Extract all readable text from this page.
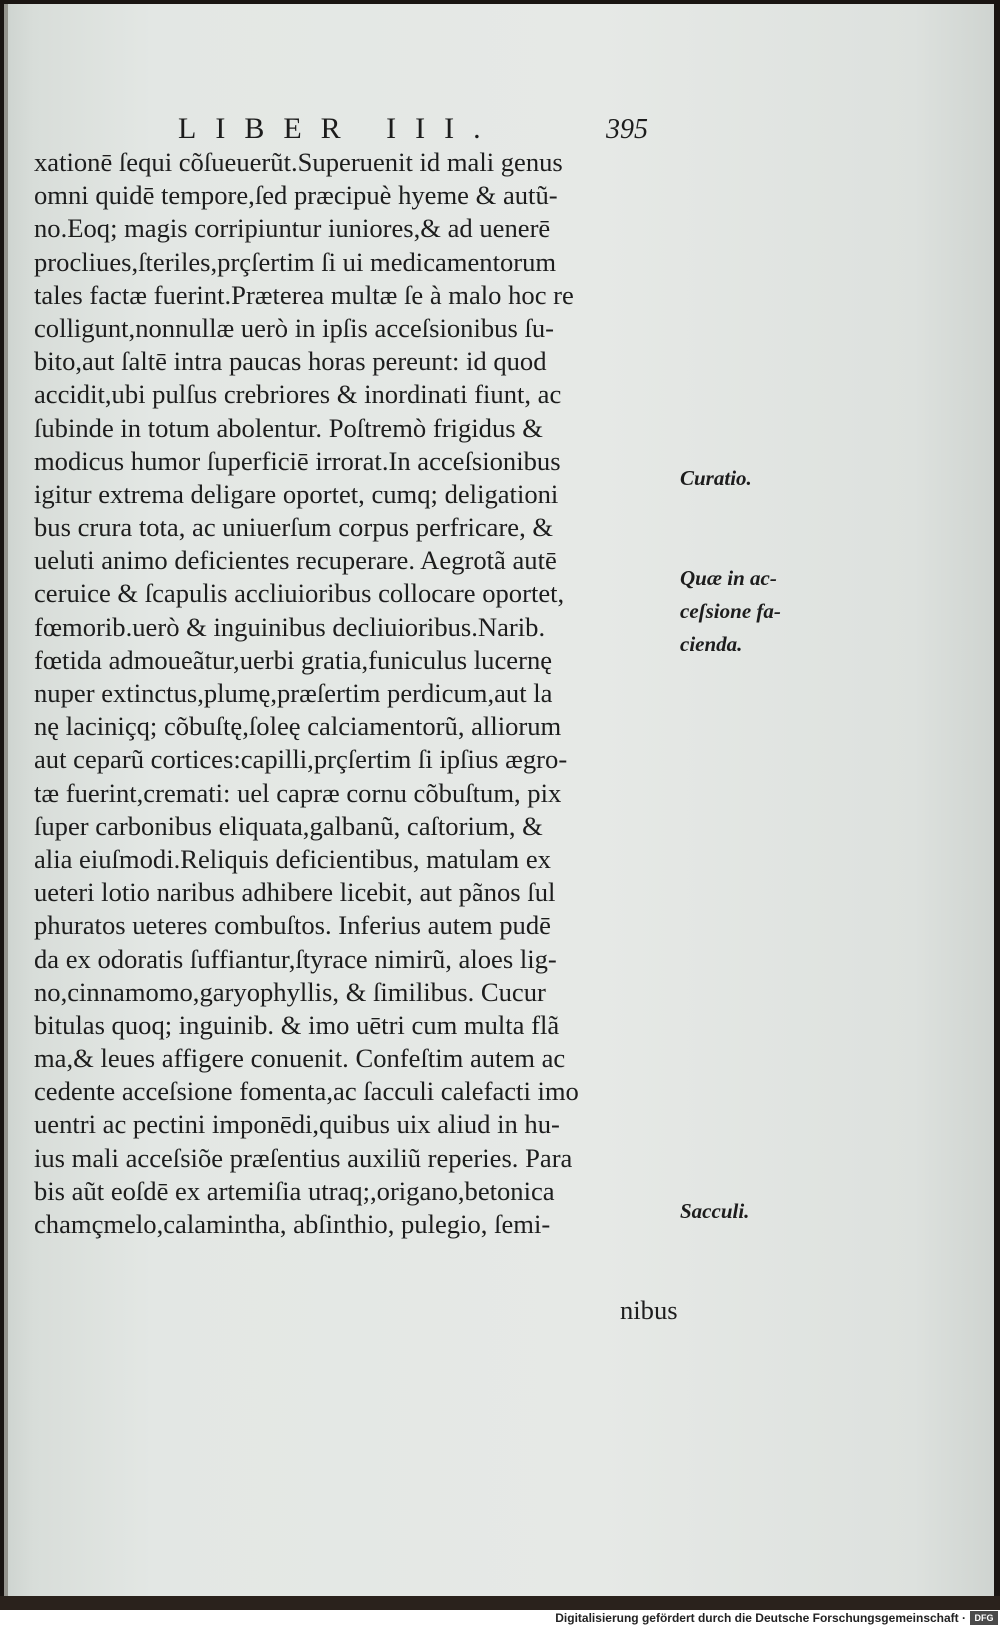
LIBER III.	395
xationē ſequi cõſueuerũt.Superuenit id mali genus
omni quidē tempore,ſed præcipuè hyeme & autũ-
no.Eoq; magis corripiuntur iuniores,& ad uenerē
procliues,ſteriles,prçſertim ſi ui medicamentorum
tales factæ fuerint.Præterea multæ ſe à malo hoc re
colligunt,nonnullæ uerò in ipſis acceſsionibus ſu-
bito,aut ſaltē intra paucas horas pereunt: id quod
accidit,ubi pulſus crebriores & inordinati fiunt, ac
ſubinde in totum abolentur. Poſtremò frigidus &
modicus humor ſuperficiē irrorat.In acceſsionibus
igitur extrema deligare oportet, cumq; deligationi
bus crura tota, ac uniuerſum corpus perfricare, &
ueluti animo deficientes recuperare. Aegrotã autē
ceruice & ſcapulis accliuioribus collocare oportet,
fœmorib.uerò & inguinibus decliuioribus.Narib.
fœtida admoueãtur,uerbi gratia,funiculus lucernę
nuper extinctus,plumę,præſertim perdicum,aut la
nę laciniçq; cõbuſtę,ſoleę calciamentorũ, alliorum
aut ceparũ cortices:capilli,prçſertim ſi ipſius ægro-
tæ fuerint,cremati: uel capræ cornu cõbuſtum, pix
ſuper carbonibus eliquata,galbanũ, caſtorium, &
alia eiuſmodi.Reliquis deficientibus, matulam ex
ueteri lotio naribus adhibere licebit, aut pãnos ſul
phuratos ueteres combuſtos. Inferius autem pudē
da ex odoratis ſuffiantur,ſtyrace nimirũ, aloes lig-
no,cinnamomo,garyophyllis, & ſimilibus. Cucur
bitulas quoq; inguinib. & imo uētri cum multa flã
ma,& leues affigere conuenit. Confeſtim autem ac
cedente acceſsione fomenta,ac ſacculi calefacti imo
uentri ac pectini imponēdi,quibus uix aliud in hu-
ius mali acceſsiõe præſentius auxiliũ reperies. Para
bis aũt eoſdē ex artemiſia utraq;,origano,betonica
chamçmelo,calamintha, abſinthio, pulegio, ſemi-
nibus
Curatio.
Quæ in ac-
ceſsione fa-
cienda.
Sacculi.
Digitalisierung gefördert durch die Deutsche Forschungsgemeinschaft · DFG
